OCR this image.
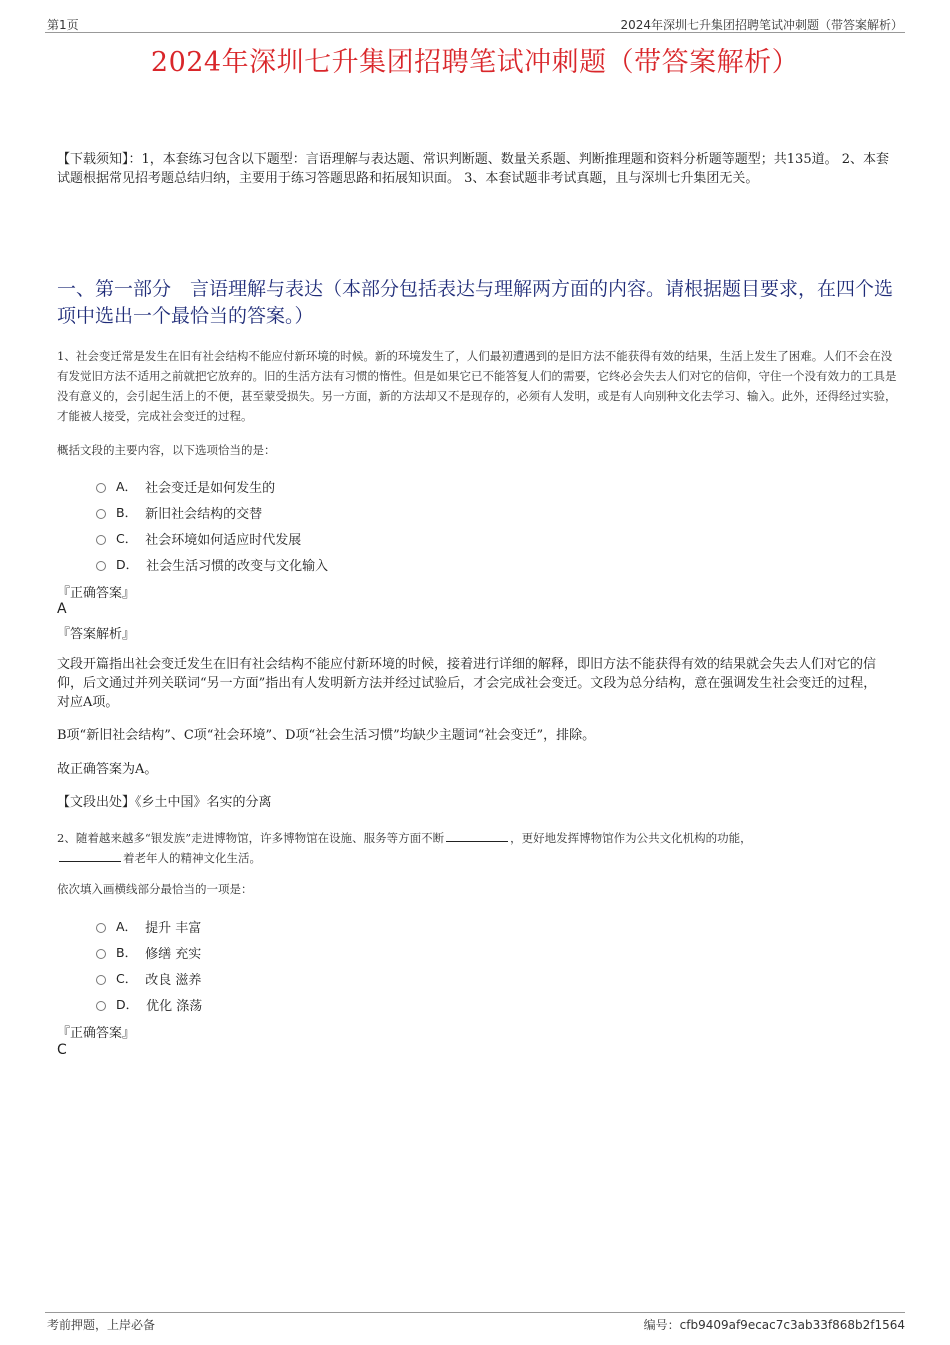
第1页	2024年深圳七升集团招聘笔试冲刺题（带答案解析）
2024年深圳七升集团招聘笔试冲刺题（带答案解析）
【下载须知】：1，本套练习包含以下题型：言语理解与表达题、常识判断题、数量关系题、判断推理题和资料分析题等题型；共135道。 2、本套试题根据常见招考题总结归纳，主要用于练习答题思路和拓展知识面。 3、本套试题非考试真题，且与深圳七升集团无关。
一、第一部分　言语理解与表达（本部分包括表达与理解两方面的内容。请根据题目要求，在四个选项中选出一个最恰当的答案。）
1、社会变迁常是发生在旧有社会结构不能应付新环境的时候。新的环境发生了，人们最初遭遇到的是旧方法不能获得有效的结果，生活上发生了困难。人们不会在没有发觉旧方法不适用之前就把它放弃的。旧的生活方法有习惯的惰性。但是如果它已不能答复人们的需要，它终必会失去人们对它的信仰，守住一个没有效力的工具是没有意义的，会引起生活上的不便，甚至蒙受损失。另一方面，新的方法却又不是现存的，必须有人发明，或是有人向别种文化去学习、输入。此外，还得经过实验，才能被人接受，完成社会变迁的过程。
概括文段的主要内容，以下选项恰当的是：
A． 社会变迁是如何发生的
B． 新旧社会结构的交替
C． 社会环境如何适应时代发展
D． 社会生活习惯的改变与文化输入
『正确答案』
A
『答案解析』
文段开篇指出社会变迁发生在旧有社会结构不能应付新环境的时候，接着进行详细的解释，即旧方法不能获得有效的结果就会失去人们对它的信仰，后文通过并列关联词“另一方面”指出有人发明新方法并经过试验后，才会完成社会变迁。文段为总分结构，意在强调发生社会变迁的过程，对应A项。
B项“新旧社会结构”、C项“社会环境”、D项“社会生活习惯”均缺少主题词“社会变迁”，排除。
故正确答案为A。
【文段出处】《乡土中国》名实的分离
2、随着越来越多“银发族”走进博物馆，许多博物馆在设施、服务等方面不断	，更好地发挥博物馆作为公共文化机构的功能，
着老年人的精神文化生活。
依次填入画横线部分最恰当的一项是：
A． 提升 丰富
B． 修缮 充实
C． 改良 滋养
D． 优化 涤荡
『正确答案』
C
考前押题，上岸必备	编号：cfb9409af9ecac7c3ab33f868b2f1564
